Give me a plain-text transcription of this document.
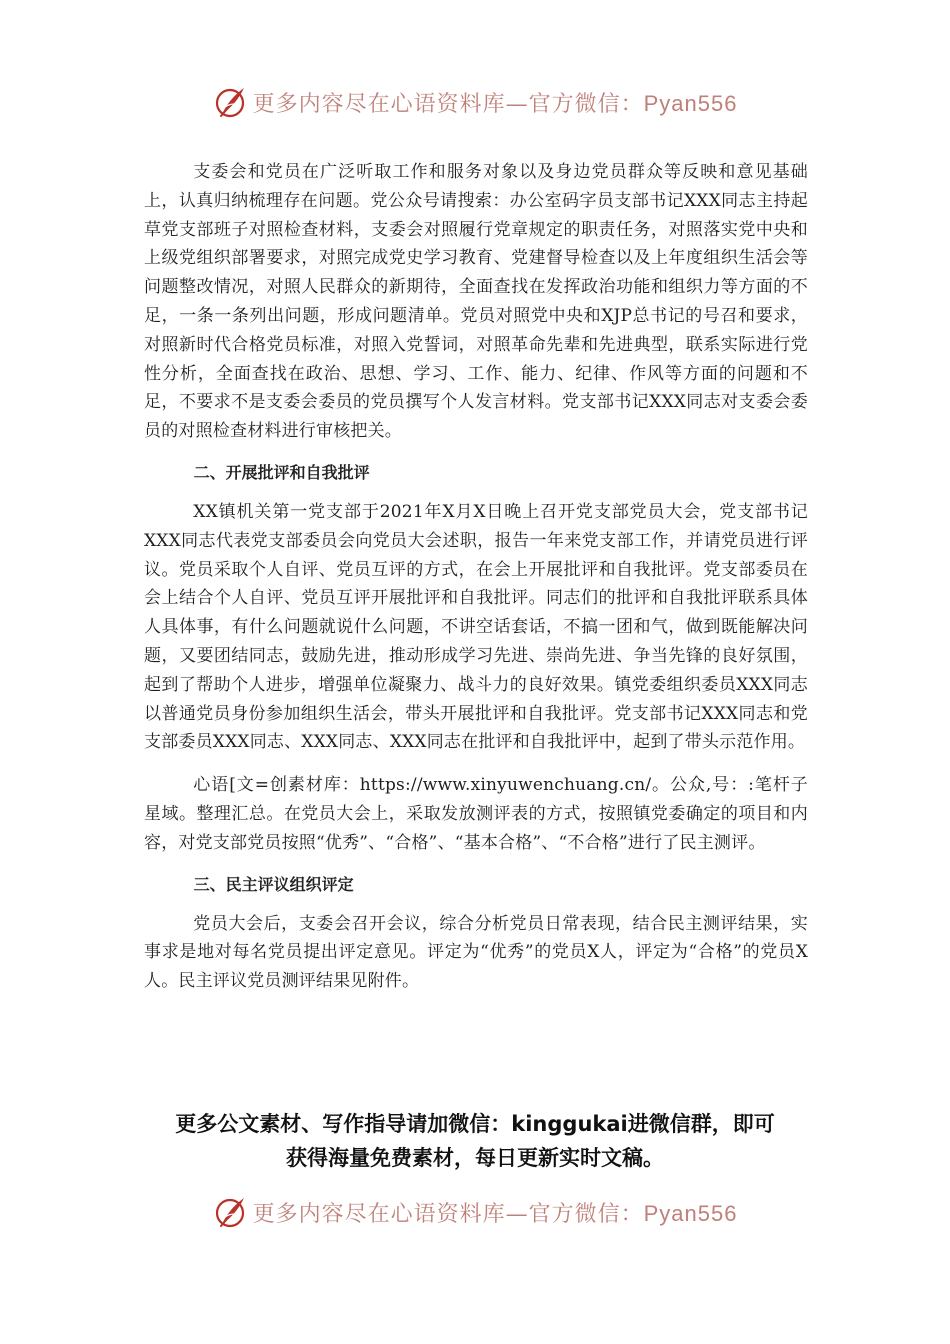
更多内容尽在心语资料库—官方微信：Pyan556

支委会和党员在广泛听取工作和服务对象以及身边党员群众等反映和意见基础上，认真归纳梳理存在问题。党公众号请搜索：办公室码字员支部书记XXX同志主持起草党支部班子对照检查材料，支委会对照履行党章规定的职责任务，对照落实党中央和上级党组织部署要求，对照完成党史学习教育、党建督导检查以及上年度组织生活会等问题整改情况，对照人民群众的新期待，全面查找在发挥政治功能和组织力等方面的不足，一条一条列出问题，形成问题清单。党员对照党中央和XJP总书记的号召和要求，对照新时代合格党员标准，对照入党誓词，对照革命先辈和先进典型，联系实际进行党性分析，全面查找在政治、思想、学习、工作、能力、纪律、作风等方面的问题和不足，不要求不是支委会委员的党员撰写个人发言材料。党支部书记XXX同志对支委会委员的对照检查材料进行审核把关。

二、开展批评和自我批评

XX镇机关第一党支部于2021年X月X日晚上召开党支部党员大会，党支部书记XXX同志代表党支部委员会向党员大会述职，报告一年来党支部工作，并请党员进行评议。党员采取个人自评、党员互评的方式，在会上开展批评和自我批评。党支部委员在会上结合个人自评、党员互评开展批评和自我批评。同志们的批评和自我批评联系具体人具体事，有什么问题就说什么问题，不讲空话套话，不搞一团和气，做到既能解决问题，又要团结同志，鼓励先进，推动形成学习先进、崇尚先进、争当先锋的良好氛围，起到了帮助个人进步，增强单位凝聚力、战斗力的良好效果。镇党委组织委员XXX同志以普通党员身份参加组织生活会，带头开展批评和自我批评。党支部书记XXX同志和党支部委员XXX同志、XXX同志、XXX同志在批评和自我批评中，起到了带头示范作用。

心语[文=创素材库：https://www.xinyuwenchuang.cn/。公众,号：:笔杆子星域。整理汇总。在党员大会上，采取发放测评表的方式，按照镇党委确定的项目和内容，对党支部党员按照“优秀”、“合格”、“基本合格”、“不合格”进行了民主测评。

三、民主评议组织评定

党员大会后，支委会召开会议，综合分析党员日常表现，结合民主测评结果，实事求是地对每名党员提出评定意见。评定为“优秀”的党员X人，评定为“合格”的党员X人。民主评议党员测评结果见附件。

更多公文素材、写作指导请加微信：kinggukai进微信群，即可
获得海量免费素材，每日更新实时文稿。
更多内容尽在心语资料库—官方微信：Pyan556
